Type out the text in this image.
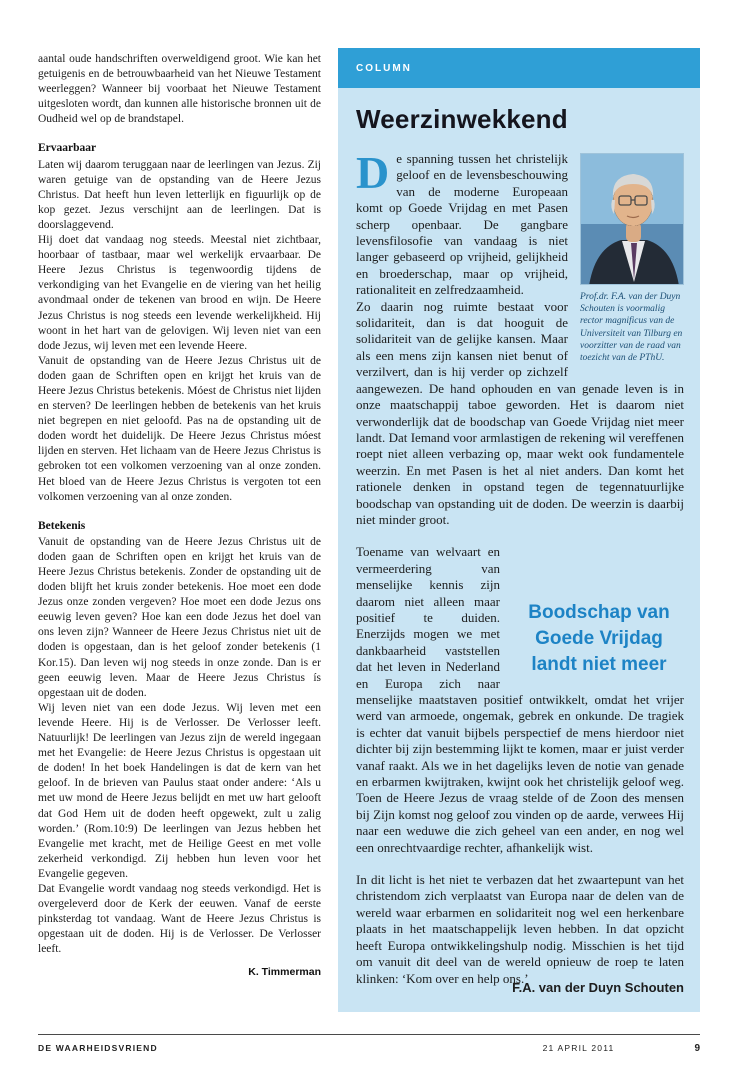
aantal oude handschriften overweldigend groot. Wie kan het getuigenis en de betrouwbaarheid van het Nieuwe Testament weerleggen? Wanneer bij voorbaat het Nieuwe Testament uitgesloten wordt, dan kunnen alle historische bronnen uit de Oudheid wel op de brandstapel.

Ervaarbaar

Laten wij daarom teruggaan naar de leerlingen van Jezus. Zij waren getuige van de opstanding van de Heere Jezus Christus. Dat heeft hun leven letterlijk en figuurlijk op de kop gezet. Jezus verschijnt aan de leerlingen. Dat is doorslaggevend.

Hij doet dat vandaag nog steeds. Meestal niet zichtbaar, hoorbaar of tastbaar, maar wel werkelijk ervaarbaar. De Heere Jezus Christus is tegenwoordig tijdens de verkondiging van het Evangelie en de viering van het heilig avondmaal onder de tekenen van brood en wijn. De Heere Jezus Christus is nog steeds een levende werkelijkheid. Hij woont in het hart van de gelovigen. Wij leven niet van een dode Jezus, wij leven met een levende Heere.

Vanuit de opstanding van de Heere Jezus Christus uit de doden gaan de Schriften open en krijgt het kruis van de Heere Jezus Christus betekenis. Móest de Christus niet lijden en sterven? De leerlingen hebben de betekenis van het kruis niet begrepen en niet geloofd. Pas na de opstanding uit de doden wordt het duidelijk. De Heere Jezus Christus móest lijden en sterven. Het lichaam van de Heere Jezus Christus is gebroken tot een volkomen verzoening van al onze zonden. Het bloed van de Heere Jezus Christus is vergoten tot een volkomen verzoening van al onze zonden.

Betekenis

Vanuit de opstanding van de Heere Jezus Christus uit de doden gaan de Schriften open en krijgt het kruis van de Heere Jezus Christus betekenis. Zonder de opstanding uit de doden blijft het kruis zonder betekenis. Hoe moet een dode Jezus onze zonden vergeven? Hoe moet een dode Jezus ons eeuwig leven geven? Hoe kan een dode Jezus het doel van ons leven zijn? Wanneer de Heere Jezus Christus niet uit de doden is opgestaan, dan is het geloof zonder betekenis (1 Kor.15). Dan leven wij nog steeds in onze zonde. Dan is er geen eeuwig leven. Maar de Heere Jezus Christus ís opgestaan uit de doden.

Wij leven niet van een dode Jezus. Wij leven met een levende Heere. Hij is de Verlosser. De Verlosser leeft. Natuurlijk! De leerlingen van Jezus zijn de wereld ingegaan met het Evangelie: de Heere Jezus Christus is opgestaan uit de doden! In het boek Handelingen is dat de kern van het geloof. In de brieven van Paulus staat onder andere: ‘Als u met uw mond de Heere Jezus belijdt en met uw hart gelooft dat God Hem uit de doden heeft opgewekt, zult u zalig worden.’ (Rom.10:9) De leerlingen van Jezus hebben het Evangelie met kracht, met de Heilige Geest en met volle zekerheid verkondigd. Zij hebben hun leven voor het Evangelie gegeven.

Dat Evangelie wordt vandaag nog steeds verkondigd. Het is overgeleverd door de Kerk der eeuwen. Vanaf de eerste pinksterdag tot vandaag. Want de Heere Jezus Christus is opgestaan uit de doden. Hij is de Verlosser. De Verlosser leeft.

K. Timmerman

COLUMN
Weerzinwekkend
Prof.dr. F.A. van der Duyn Schouten is voormalig rector magnificus van de Universiteit van Tilburg en voorzitter van de raad van toezicht van de PThU.

De spanning tussen het christelijk geloof en de levensbeschouwing van de moderne Europeaan komt op Goede Vrijdag en met Pasen scherp openbaar. De gangbare levensfilosofie van vandaag is niet langer gebaseerd op vrijheid, gelijkheid en broederschap, maar op vrijheid, rationaliteit en zelfredzaamheid.

Zo daarin nog ruimte bestaat voor solidariteit, dan is dat hooguit de solidariteit van de gelijke kansen. Maar als een mens zijn kansen niet benut of verzilvert, dan is hij verder op zichzelf aangewezen. De hand ophouden en van genade leven is in onze maatschappij taboe geworden. Het is daarom niet verwonderlijk dat de boodschap van Goede Vrijdag niet meer landt. Dat Iemand voor armlastigen de rekening wil vereffenen roept niet alleen verbazing op, maar wekt ook fundamentele weerzin. En met Pasen is het al niet anders. Dan komt het rationele denken in opstand tegen de tegennatuurlijke boodschap van opstanding uit de doden. De weerzin is daarbij niet minder groot.

Boodschap van Goede Vrijdag landt niet meer

Toename van welvaart en vermeerdering van menselijke kennis zijn daarom niet alleen maar positief te duiden. Enerzijds mogen we met dankbaarheid vaststellen dat het leven in Nederland en Europa zich naar menselijke maatstaven positief ontwikkelt, omdat het vrijer werd van armoede, ongemak, gebrek en onkunde. De tragiek is echter dat vanuit bijbels perspectief de mens hierdoor niet dichter bij zijn bestemming lijkt te komen, maar er juist verder vanaf raakt. Als we in het dagelijks leven de notie van genade en erbarmen kwijtraken, kwijnt ook het christelijk geloof weg. Toen de Heere Jezus de vraag stelde of de Zoon des mensen bij Zijn komst nog geloof zou vinden op de aarde, verwees Hij naar een weduwe die zich geheel van een ander, en nog wel een onrechtvaardige rechter, afhankelijk wist.

In dit licht is het niet te verbazen dat het zwaartepunt van het christendom zich verplaatst van Europa naar de delen van de wereld waar erbarmen en solidariteit nog wel een herkenbare plaats in het maatschappelijk leven hebben. In dat opzicht heeft Europa ontwikkelingshulp nodig. Misschien is het tijd om vanuit dit deel van de wereld opnieuw de roep te laten klinken: ‘Kom over en help ons.’

F.A. van der Duyn Schouten

DE WAARHEIDSVRIEND	21 APRIL 2011	9
